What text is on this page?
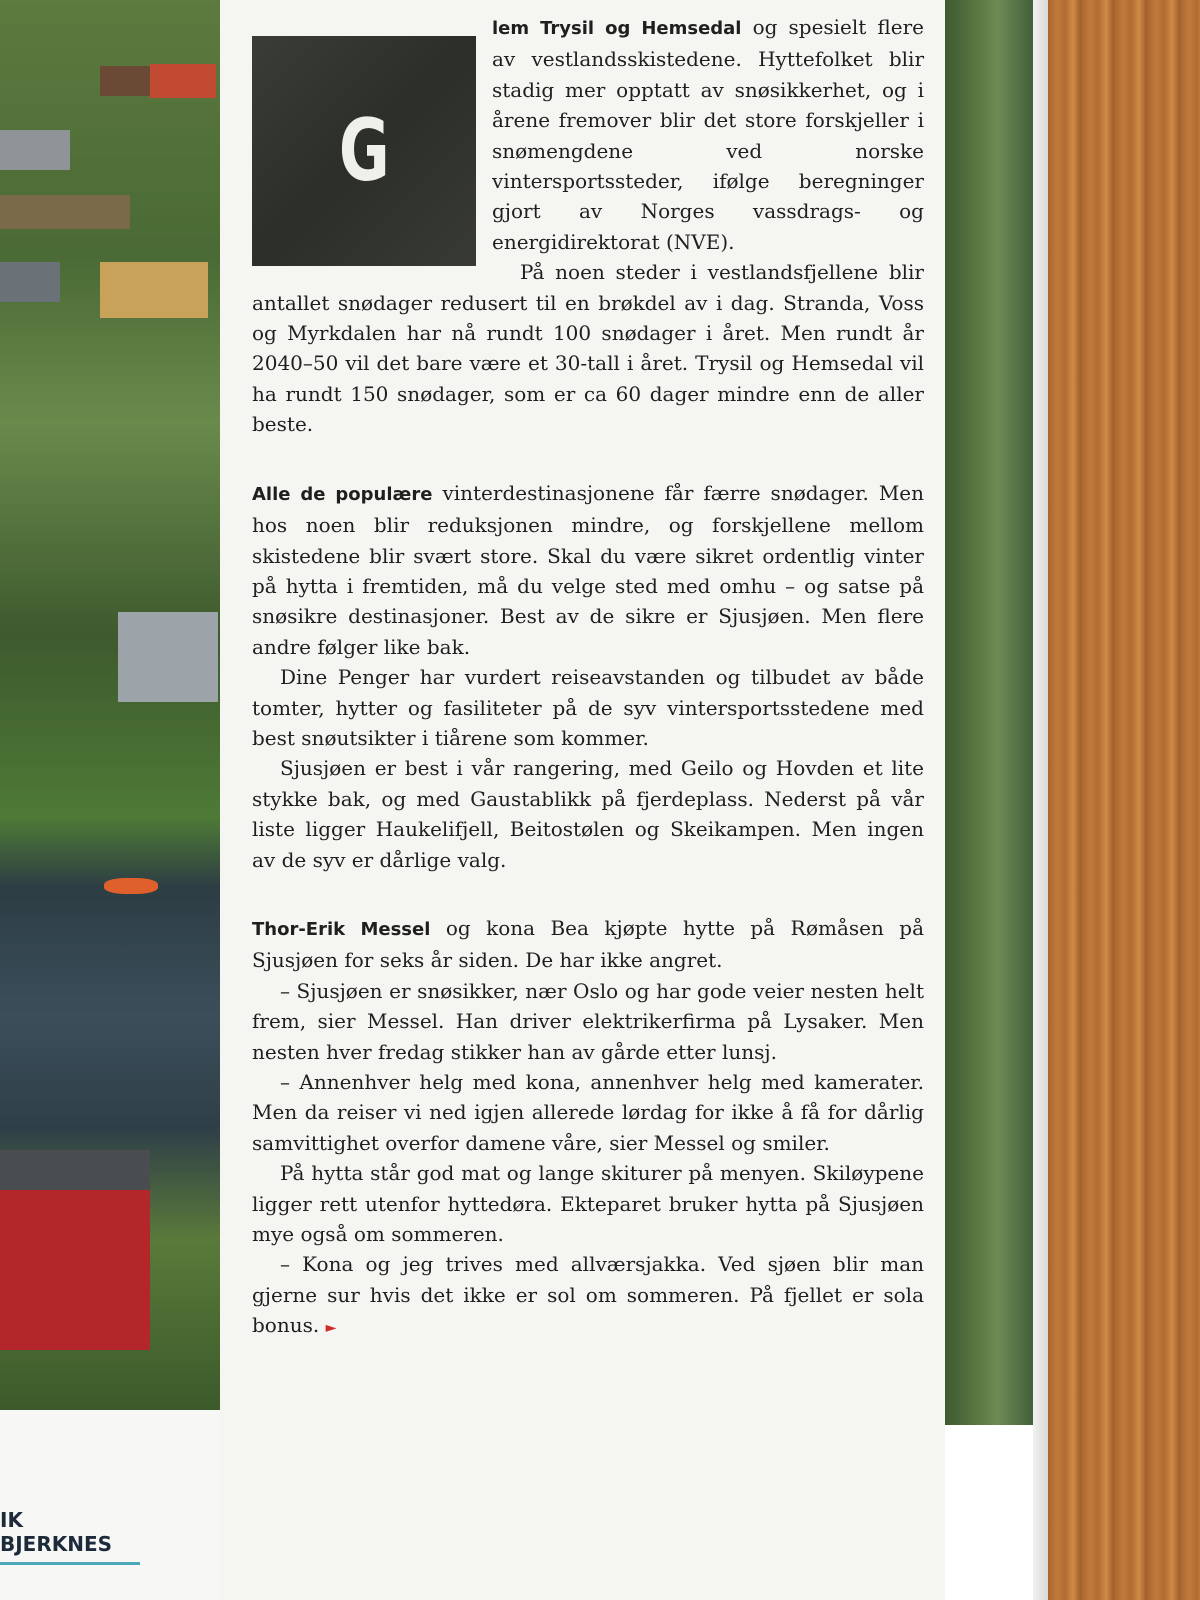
IK BJERKNES
G

lem Trysil og Hemsedal og spesielt flere av vestlandsskistedene. Hyttefolket blir stadig mer opptatt av snøsikkerhet, og i årene fremover blir det store forskjeller i snømengdene ved norske vintersportssteder, ifølge beregninger gjort av Norges vassdrags- og energidirektorat (NVE).

På noen steder i vestlandsfjellene blir antallet snødager redusert til en brøkdel av i dag. Stranda, Voss og Myrkdalen har nå rundt 100 snødager i året. Men rundt år 2040–50 vil det bare være et 30-tall i året. Trysil og Hemsedal vil ha rundt 150 snødager, som er ca 60 dager mindre enn de aller beste.

Alle de populære vinterdestinasjonene får færre snødager. Men hos noen blir reduksjonen mindre, og forskjellene mellom skistedene blir svært store. Skal du være sikret ordentlig vinter på hytta i fremtiden, må du velge sted med omhu – og satse på snøsikre destinasjoner. Best av de sikre er Sjusjøen. Men flere andre følger like bak.

Dine Penger har vurdert reiseavstanden og tilbudet av både tomter, hytter og fasiliteter på de syv vintersportsstedene med best snøutsikter i tiårene som kommer.

Sjusjøen er best i vår rangering, med Geilo og Hovden et lite stykke bak, og med Gaustablikk på fjerdeplass. Nederst på vår liste ligger Haukelifjell, Beitostølen og Skeikampen. Men ingen av de syv er dårlige valg.

Thor-Erik Messel og kona Bea kjøpte hytte på Rømåsen på Sjusjøen for seks år siden. De har ikke angret.

– Sjusjøen er snøsikker, nær Oslo og har gode veier nesten helt frem, sier Messel. Han driver elektrikerfirma på Lysaker. Men nesten hver fredag stikker han av gårde etter lunsj.

– Annenhver helg med kona, annenhver helg med kamerater. Men da reiser vi ned igjen allerede lørdag for ikke å få for dårlig samvittighet overfor damene våre, sier Messel og smiler.

På hytta står god mat og lange skiturer på menyen. Skiløypene ligger rett utenfor hyttedøra. Ekteparet bruker hytta på Sjusjøen mye også om sommeren.

– Kona og jeg trives med allværsjakka. Ved sjøen blir man gjerne sur hvis det ikke er sol om sommeren. På fjellet er sola bonus. ►
